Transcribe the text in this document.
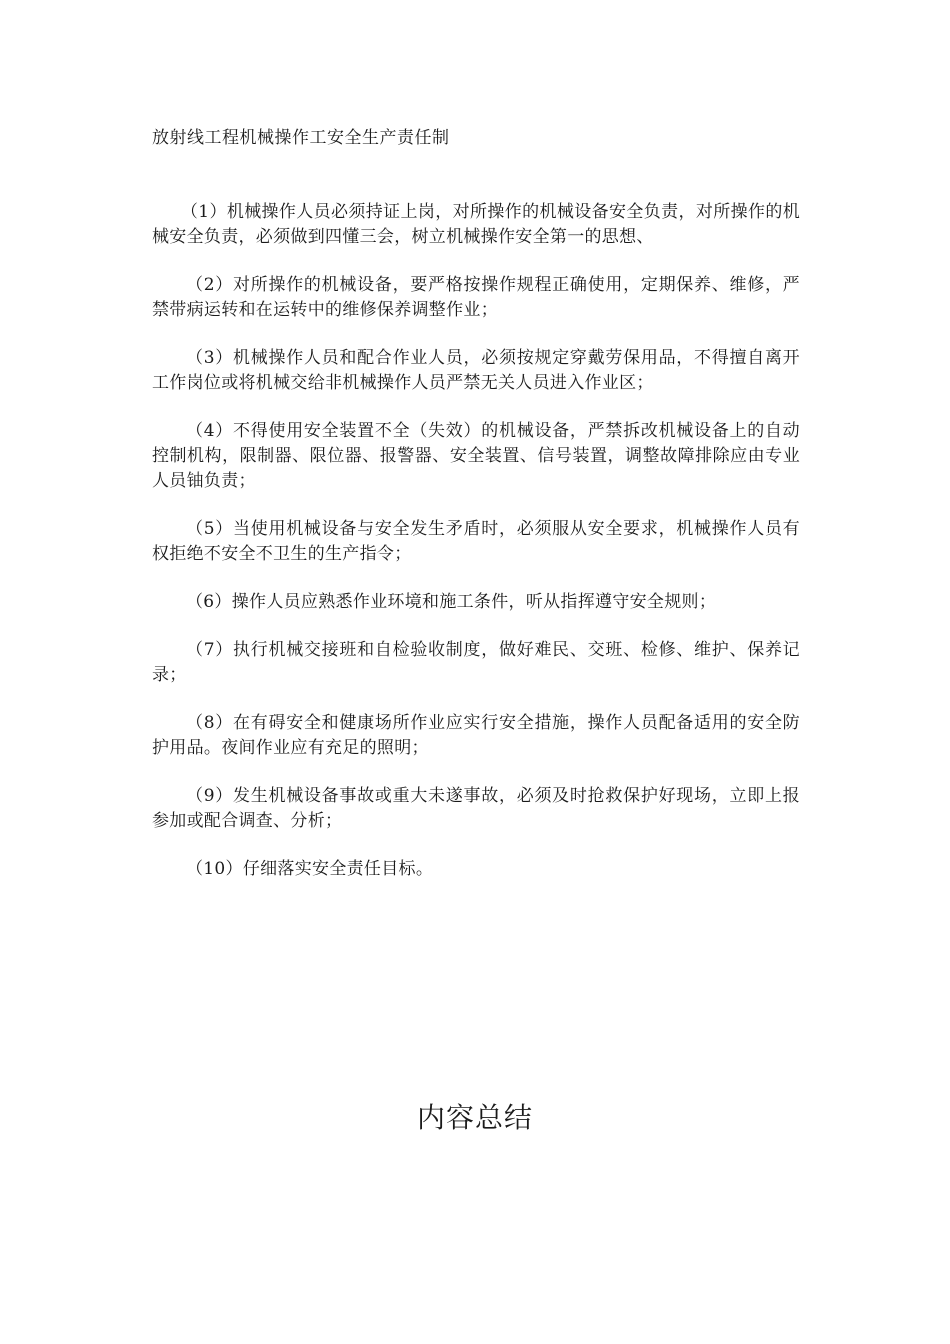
放射线工程机械操作工安全生产责任制
（1）机械操作人员必须持证上岗，对所操作的机械设备安全负责，对所操作的机械安全负责，必须做到四懂三会，树立机械操作安全第一的思想、
（2）对所操作的机械设备，要严格按操作规程正确使用，定期保养、维修，严禁带病运转和在运转中的维修保养调整作业；
（3）机械操作人员和配合作业人员，必须按规定穿戴劳保用品，不得擅自离开工作岗位或将机械交给非机械操作人员严禁无关人员进入作业区；
（4）不得使用安全装置不全（失效）的机械设备，严禁拆改机械设备上的自动控制机构，限制器、限位器、报警器、安全装置、信号装置，调整故障排除应由专业人员铀负责；
（5）当使用机械设备与安全发生矛盾时，必须服从安全要求，机械操作人员有权拒绝不安全不卫生的生产指令；
（6）操作人员应熟悉作业环境和施工条件，听从指挥遵守安全规则；
（7）执行机械交接班和自检验收制度，做好难民、交班、检修、维护、保养记录；
（8）在有碍安全和健康场所作业应实行安全措施，操作人员配备适用的安全防护用品。夜间作业应有充足的照明；
（9）发生机械设备事故或重大未遂事故，必须及时抢救保护好现场，立即上报参加或配合调查、分析；
（10）仔细落实安全责任目标。
内容总结
